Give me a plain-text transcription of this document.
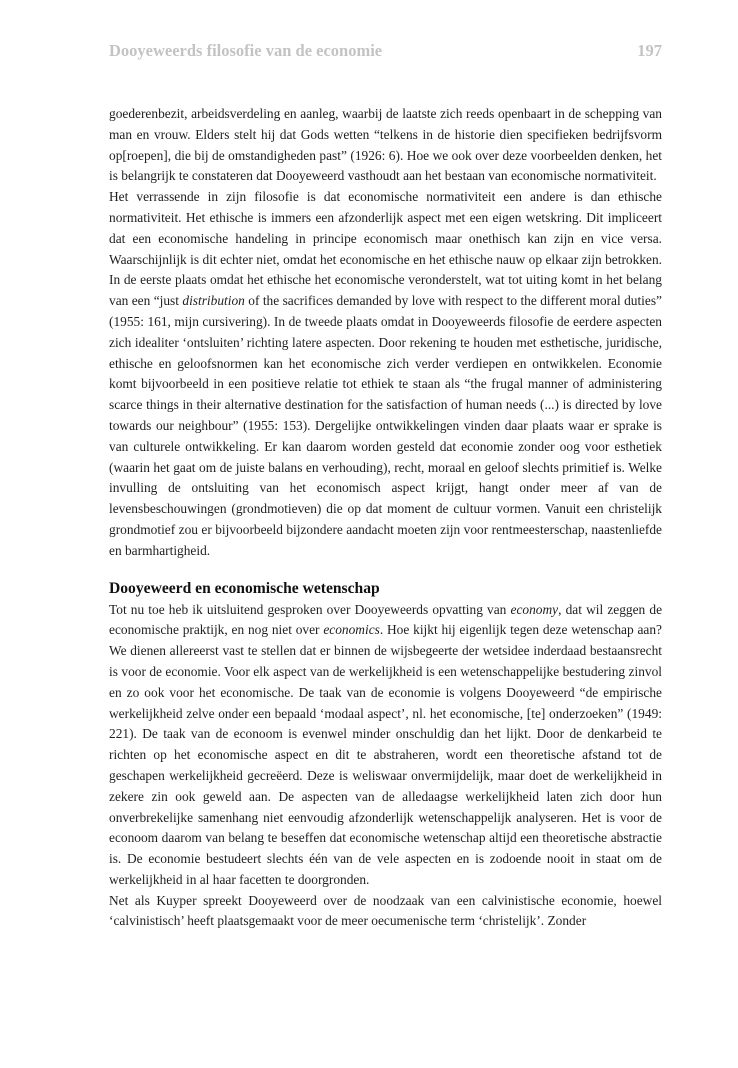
Dooyeweerds filosofie van de economie	197

goederenbezit, arbeidsverdeling en aanleg, waarbij de laatste zich reeds openbaart in de schepping van man en vrouw. Elders stelt hij dat Gods wetten “telkens in de historie dien specifieken bedrijfsvorm op[roepen], die bij de omstandigheden past” (1926: 6). Hoe we ook over deze voorbeelden denken, het is belangrijk te constateren dat Dooyeweerd vasthoudt aan het bestaan van economische normativiteit.

Het verrassende in zijn filosofie is dat economische normativiteit een andere is dan ethische normativiteit. Het ethische is immers een afzonderlijk aspect met een eigen wetskring. Dit impliceert dat een economische handeling in principe economisch maar onethisch kan zijn en vice versa. Waarschijnlijk is dit echter niet, omdat het economische en het ethische nauw op elkaar zijn betrokken. In de eerste plaats omdat het ethische het economische veronderstelt, wat tot uiting komt in het belang van een “just distribution of the sacrifices demanded by love with respect to the different moral duties” (1955: 161, mijn cursivering). In de tweede plaats omdat in Dooyeweerds filosofie de eerdere aspecten zich idealiter ‘ontsluiten’ richting latere aspecten. Door rekening te houden met esthetische, juridische, ethische en geloofsnormen kan het economische zich verder verdiepen en ontwikkelen. Economie komt bijvoorbeeld in een positieve relatie tot ethiek te staan als “the frugal manner of administering scarce things in their alternative destination for the satisfaction of human needs (...) is directed by love towards our neighbour” (1955: 153). Dergelijke ontwikkelingen vinden daar plaats waar er sprake is van culturele ontwikkeling. Er kan daarom worden gesteld dat economie zonder oog voor esthetiek (waarin het gaat om de juiste balans en verhouding), recht, moraal en geloof slechts primitief is. Welke invulling de ontsluiting van het economisch aspect krijgt, hangt onder meer af van de levensbeschouwingen (grondmotieven) die op dat moment de cultuur vormen. Vanuit een christelijk grondmotief zou er bijvoorbeeld bijzondere aandacht moeten zijn voor rentmeesterschap, naastenliefde en barmhartigheid.

Dooyeweerd en economische wetenschap

Tot nu toe heb ik uitsluitend gesproken over Dooyeweerds opvatting van economy, dat wil zeggen de economische praktijk, en nog niet over economics. Hoe kijkt hij eigenlijk tegen deze wetenschap aan? We dienen allereerst vast te stellen dat er binnen de wijsbegeerte der wetsidee inderdaad bestaansrecht is voor de economie. Voor elk aspect van de werkelijkheid is een wetenschappelijke bestudering zinvol en zo ook voor het economische. De taak van de economie is volgens Dooyeweerd “de empirische werkelijkheid zelve onder een bepaald ‘modaal aspect’, nl. het economische, [te] onderzoeken” (1949: 221). De taak van de econoom is evenwel minder onschuldig dan het lijkt. Door de denkarbeid te richten op het economische aspect en dit te abstraheren, wordt een theoretische afstand tot de geschapen werkelijkheid gecreëerd. Deze is weliswaar onvermijdelijk, maar doet de werkelijkheid in zekere zin ook geweld aan. De aspecten van de alledaagse werkelijkheid laten zich door hun onverbrekelijke samenhang niet eenvoudig afzonderlijk wetenschappelijk analyseren. Het is voor de econoom daarom van belang te beseffen dat economische wetenschap altijd een theoretische abstractie is. De economie bestudeert slechts één van de vele aspecten en is zodoende nooit in staat om de werkelijkheid in al haar facetten te doorgronden.

Net als Kuyper spreekt Dooyeweerd over de noodzaak van een calvinistische economie, hoewel ‘calvinistisch’ heeft plaatsgemaakt voor de meer oecumenische term ‘christelijk’. Zonder
